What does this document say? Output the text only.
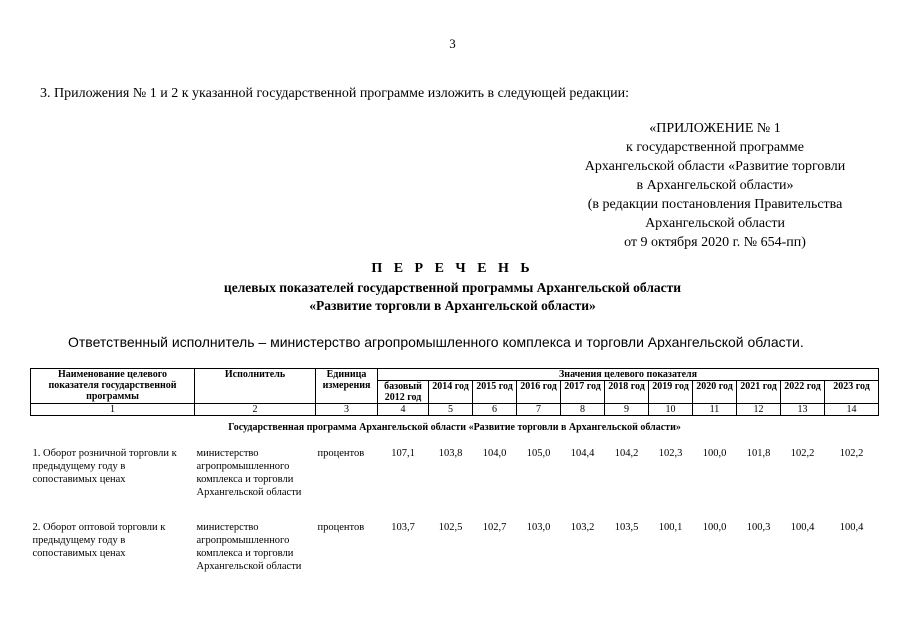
3
3. Приложения № 1 и 2 к указанной государственной программе изложить в следующей редакции:
«ПРИЛОЖЕНИЕ № 1
к государственной программе
Архангельской области «Развитие торговли
в Архангельской области»
(в редакции постановления Правительства
Архангельской области
от 9 октября 2020 г. № 654-пп)
П Е Р Е Ч Е Н Ь
целевых показателей государственной программы Архангельской области
«Развитие торговли в Архангельской области»
Ответственный исполнитель – министерство агропромышленного комплекса и торговли Архангельской области.
Наименование целевого показателя государственной программы	Исполнитель	Единица измерения	Значения целевого показателя										
			базовый 2012 год	2014 год	2015 год	2016 год	2017 год	2018 год	2019 год	2020 год	2021 год	2022 год	2023 год
1	2	3	4	5	6	7	8	9	10	11	12	13	14
Государственная программа Архангельской области «Развитие торговли в Архангельской области»													
1. Оборот розничной торговли к предыдущему году в сопоставимых ценах	министерство агропромышленного комплекса и торговли Архангельской области	процентов	107,1	103,8	104,0	105,0	104,4	104,2	102,3	100,0	101,8	102,2	102,2
2. Оборот оптовой торговли к предыдущему году в сопоставимых ценах	министерство агропромышленного комплекса и торговли Архангельской области	процентов	103,7	102,5	102,7	103,0	103,2	103,5	100,1	100,0	100,3	100,4	100,4
